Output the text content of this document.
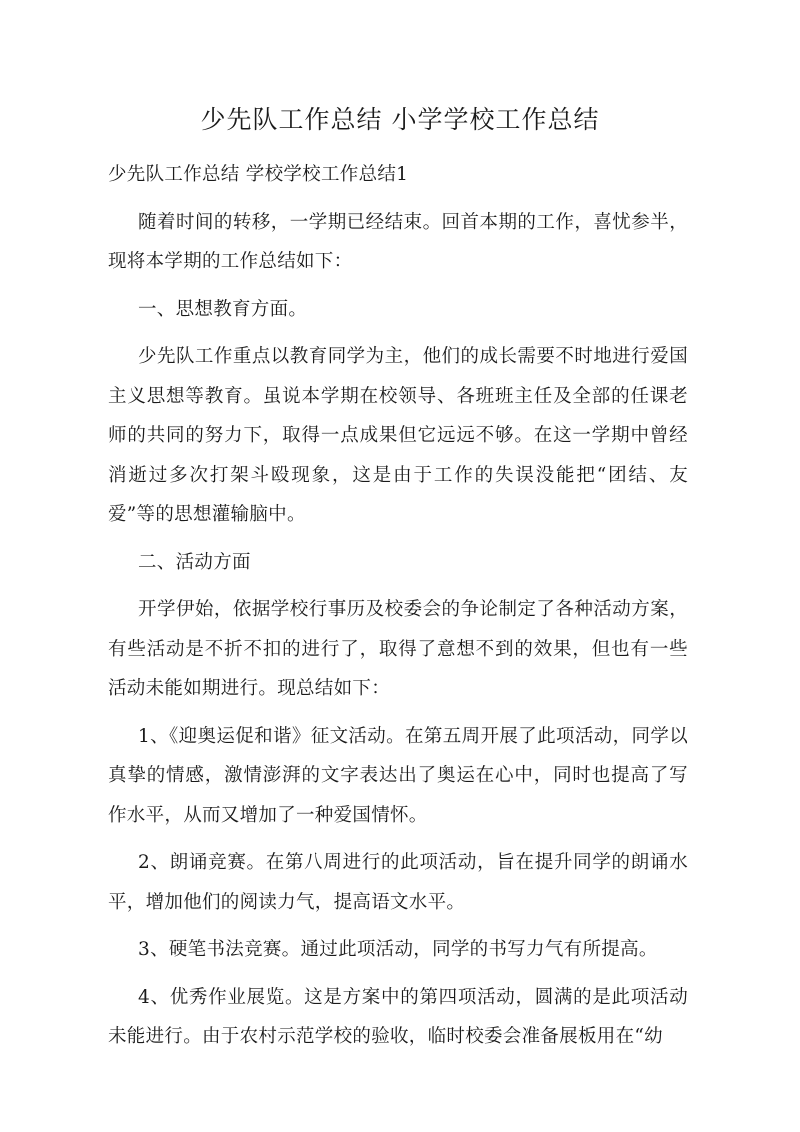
少先队工作总结 小学学校工作总结

少先队工作总结 学校学校工作总结1

随着时间的转移，一学期已经结束。回首本期的工作，喜忧参半，现将本学期的工作总结如下：

一、思想教育方面。

少先队工作重点以教育同学为主，他们的成长需要不时地进行爱国主义思想等教育。虽说本学期在校领导、各班班主任及全部的任课老师的共同的努力下，取得一点成果但它远远不够。在这一学期中曾经消逝过多次打架斗殴现象，这是由于工作的失误没能把“团结、友爱”等的思想灌输脑中。

二、活动方面

开学伊始，依据学校行事历及校委会的争论制定了各种活动方案，有些活动是不折不扣的进行了，取得了意想不到的效果，但也有一些活动未能如期进行。现总结如下：

1、《迎奥运促和谐》征文活动。在第五周开展了此项活动，同学以真挚的情感，激情澎湃的文字表达出了奥运在心中，同时也提高了写作水平，从而又增加了一种爱国情怀。

2、朗诵竞赛。在第八周进行的此项活动，旨在提升同学的朗诵水平，增加他们的阅读力气，提高语文水平。

3、硬笔书法竞赛。通过此项活动，同学的书写力气有所提高。

4、优秀作业展览。这是方案中的第四项活动，圆满的是此项活动未能进行。由于农村示范学校的验收，临时校委会准备展板用在“幼
